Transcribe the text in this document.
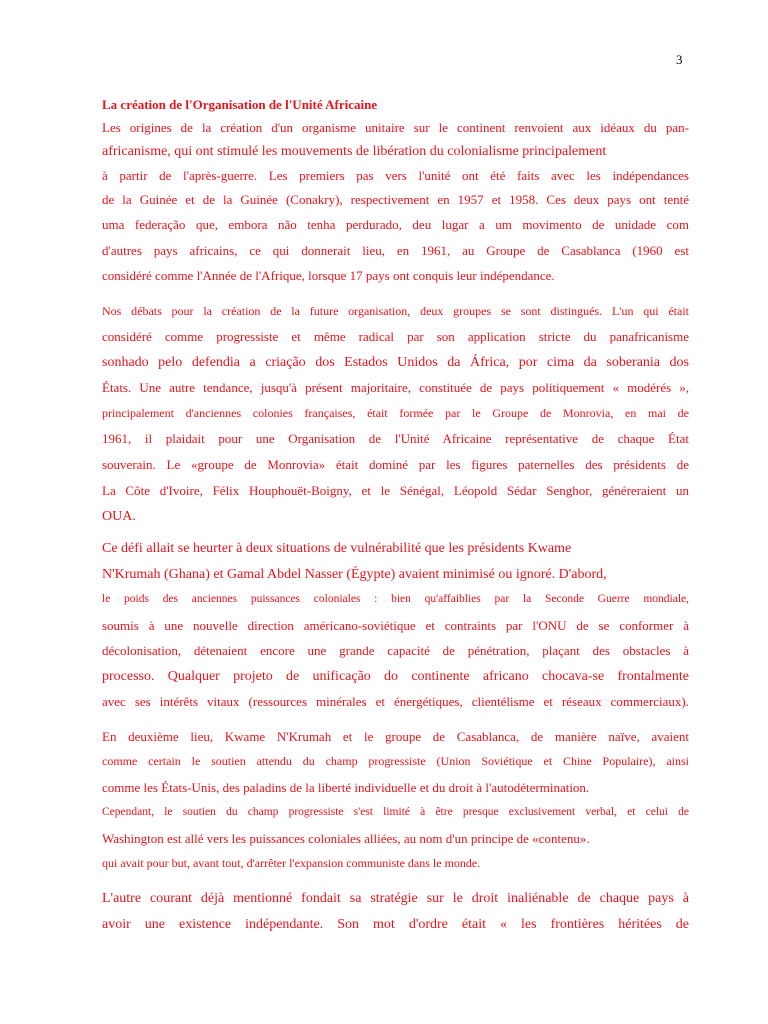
3
La création de l'Organisation de l'Unité Africaine
Les origines de la création d'un organisme unitaire sur le continent renvoient aux idéaux du pan-
africanisme, qui ont stimulé les mouvements de libération du colonialisme principalement
à partir de l'après-guerre. Les premiers pas vers l'unité ont été faits avec les indépendances
de la Guinée et de la Guinée (Conakry), respectivement en 1957 et 1958. Ces deux pays ont tenté
uma federação que, embora não tenha perdurado, deu lugar a um movimento de unidade com
d'autres pays africains, ce qui donnerait lieu, en 1961, au Groupe de Casablanca (1960 est
considéré comme l'Année de l'Afrique, lorsque 17 pays ont conquis leur indépendance.
Nos débats pour la création de la future organisation, deux groupes se sont distingués. L'un qui était
considéré comme progressiste et même radical par son application stricte du panafricanisme
sonhado pelo defendia a criação dos Estados Unidos da África, por cima da soberania dos
États. Une autre tendance, jusqu'à présent majoritaire, constituée de pays politiquement « modérés »,
principalement d'anciennes colonies françaises, était formée par le Groupe de Monrovia, en mai de
1961, il plaidait pour une Organisation de l'Unité Africaine représentative de chaque État
souverain. Le «groupe de Monrovia» était dominé par les figures paternelles des présidents de
La Côte d'Ivoire, Félix Houphouët-Boigny, et le Sénégal, Léopold Sédar Senghor, généreraient un
OUA.
Ce défi allait se heurter à deux situations de vulnérabilité que les présidents Kwame
N'Krumah (Ghana) et Gamal Abdel Nasser (Égypte) avaient minimisé ou ignoré. D'abord,
le poids des anciennes puissances coloniales : bien qu'affaiblies par la Seconde Guerre mondiale,
soumis à une nouvelle direction américano-soviétique et contraints par l'ONU de se conformer à
décolonisation, détenaient encore une grande capacité de pénétration, plaçant des obstacles à
processo. Qualquer projeto de unificação do continente africano chocava-se frontalmente
avec ses intérêts vitaux (ressources minérales et énergétiques, clientélisme et réseaux commerciaux).
En deuxième lieu, Kwame N'Krumah et le groupe de Casablanca, de manière naïve, avaient
comme certain le soutien attendu du champ progressiste (Union Soviétique et Chine Populaire), ainsi
comme les États-Unis, des paladins de la liberté individuelle et du droit à l'autodétermination.
Cependant, le soutien du champ progressiste s'est limité à être presque exclusivement verbal, et celui de
Washington est allé vers les puissances coloniales alliées, au nom d'un principe de «contenu».
qui avait pour but, avant tout, d'arrêter l'expansion communiste dans le monde.
L'autre courant déjà mentionné fondait sa stratégie sur le droit inaliénable de chaque pays à
avoir une existence indépendante. Son mot d'ordre était « les frontières héritées de
